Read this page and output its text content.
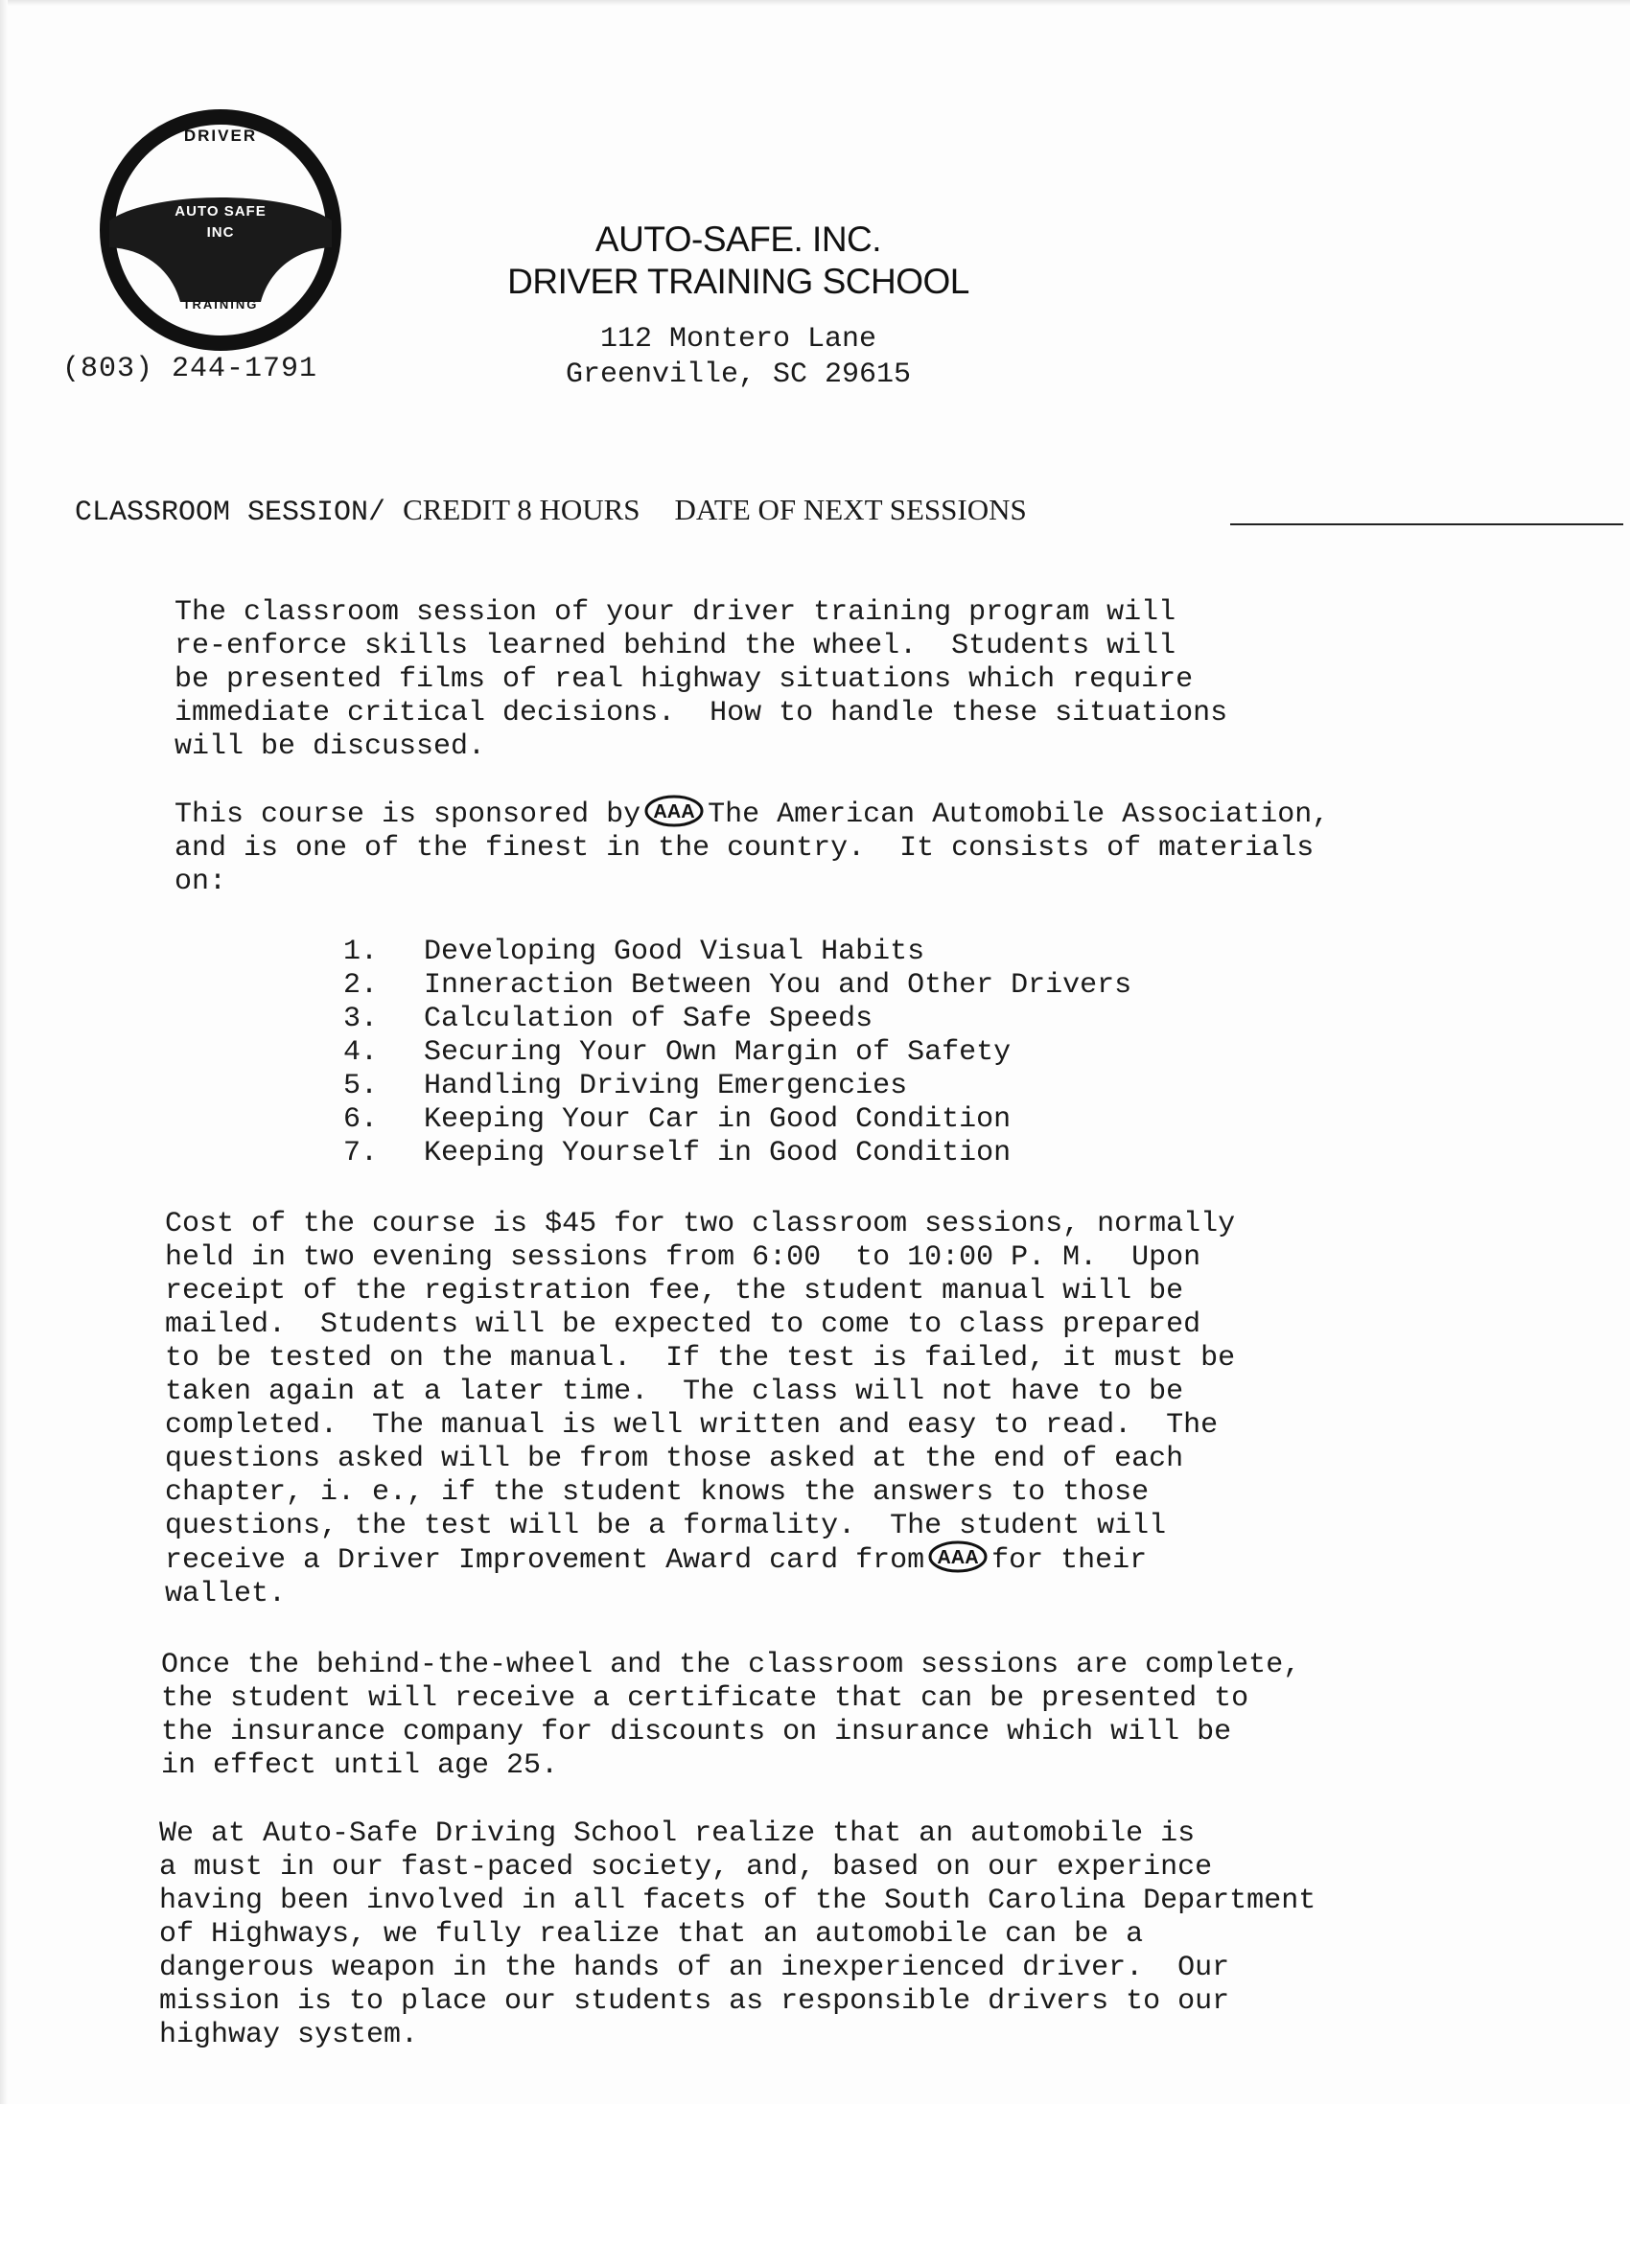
DRIVER
AUTO SAFE
INC
TRAINING
(803) 244-1791
AUTO-SAFE. INC.
DRIVER TRAINING SCHOOL
112 Montero Lane
Greenville, SC 29615
CLASSROOM SESSION/ CREDIT 8 HOURS DATE OF NEXT SESSIONS
The classroom session of your driver training program will
re-enforce skills learned behind the wheel.  Students will
be presented films of real highway situations which require
immediate critical decisions.  How to handle these situations
will be discussed.
This course is sponsored by AAA The American Automobile Association,
and is one of the finest in the country.  It consists of materials
on:
1. Developing Good Visual Habits
2. Inneraction Between You and Other Drivers
3. Calculation of Safe Speeds
4. Securing Your Own Margin of Safety
5. Handling Driving Emergencies
6. Keeping Your Car in Good Condition
7. Keeping Yourself in Good Condition
Cost of the course is $45 for two classroom sessions, normally
held in two evening sessions from 6:00  to 10:00 P. M.  Upon
receipt of the registration fee, the student manual will be
mailed.  Students will be expected to come to class prepared
to be tested on the manual.  If the test is failed, it must be
taken again at a later time.  The class will not have to be
completed.  The manual is well written and easy to read.  The
questions asked will be from those asked at the end of each
chapter, i. e., if the student knows the answers to those
questions, the test will be a formality.  The student will
receive a Driver Improvement Award card from AAA for their
wallet.
Once the behind-the-wheel and the classroom sessions are complete,
the student will receive a certificate that can be presented to
the insurance company for discounts on insurance which will be
in effect until age 25.
We at Auto-Safe Driving School realize that an automobile is
a must in our fast-paced society, and, based on our experince
having been involved in all facets of the South Carolina Department
of Highways, we fully realize that an automobile can be a
dangerous weapon in the hands of an inexperienced driver.  Our
mission is to place our students as responsible drivers to our
highway system.
